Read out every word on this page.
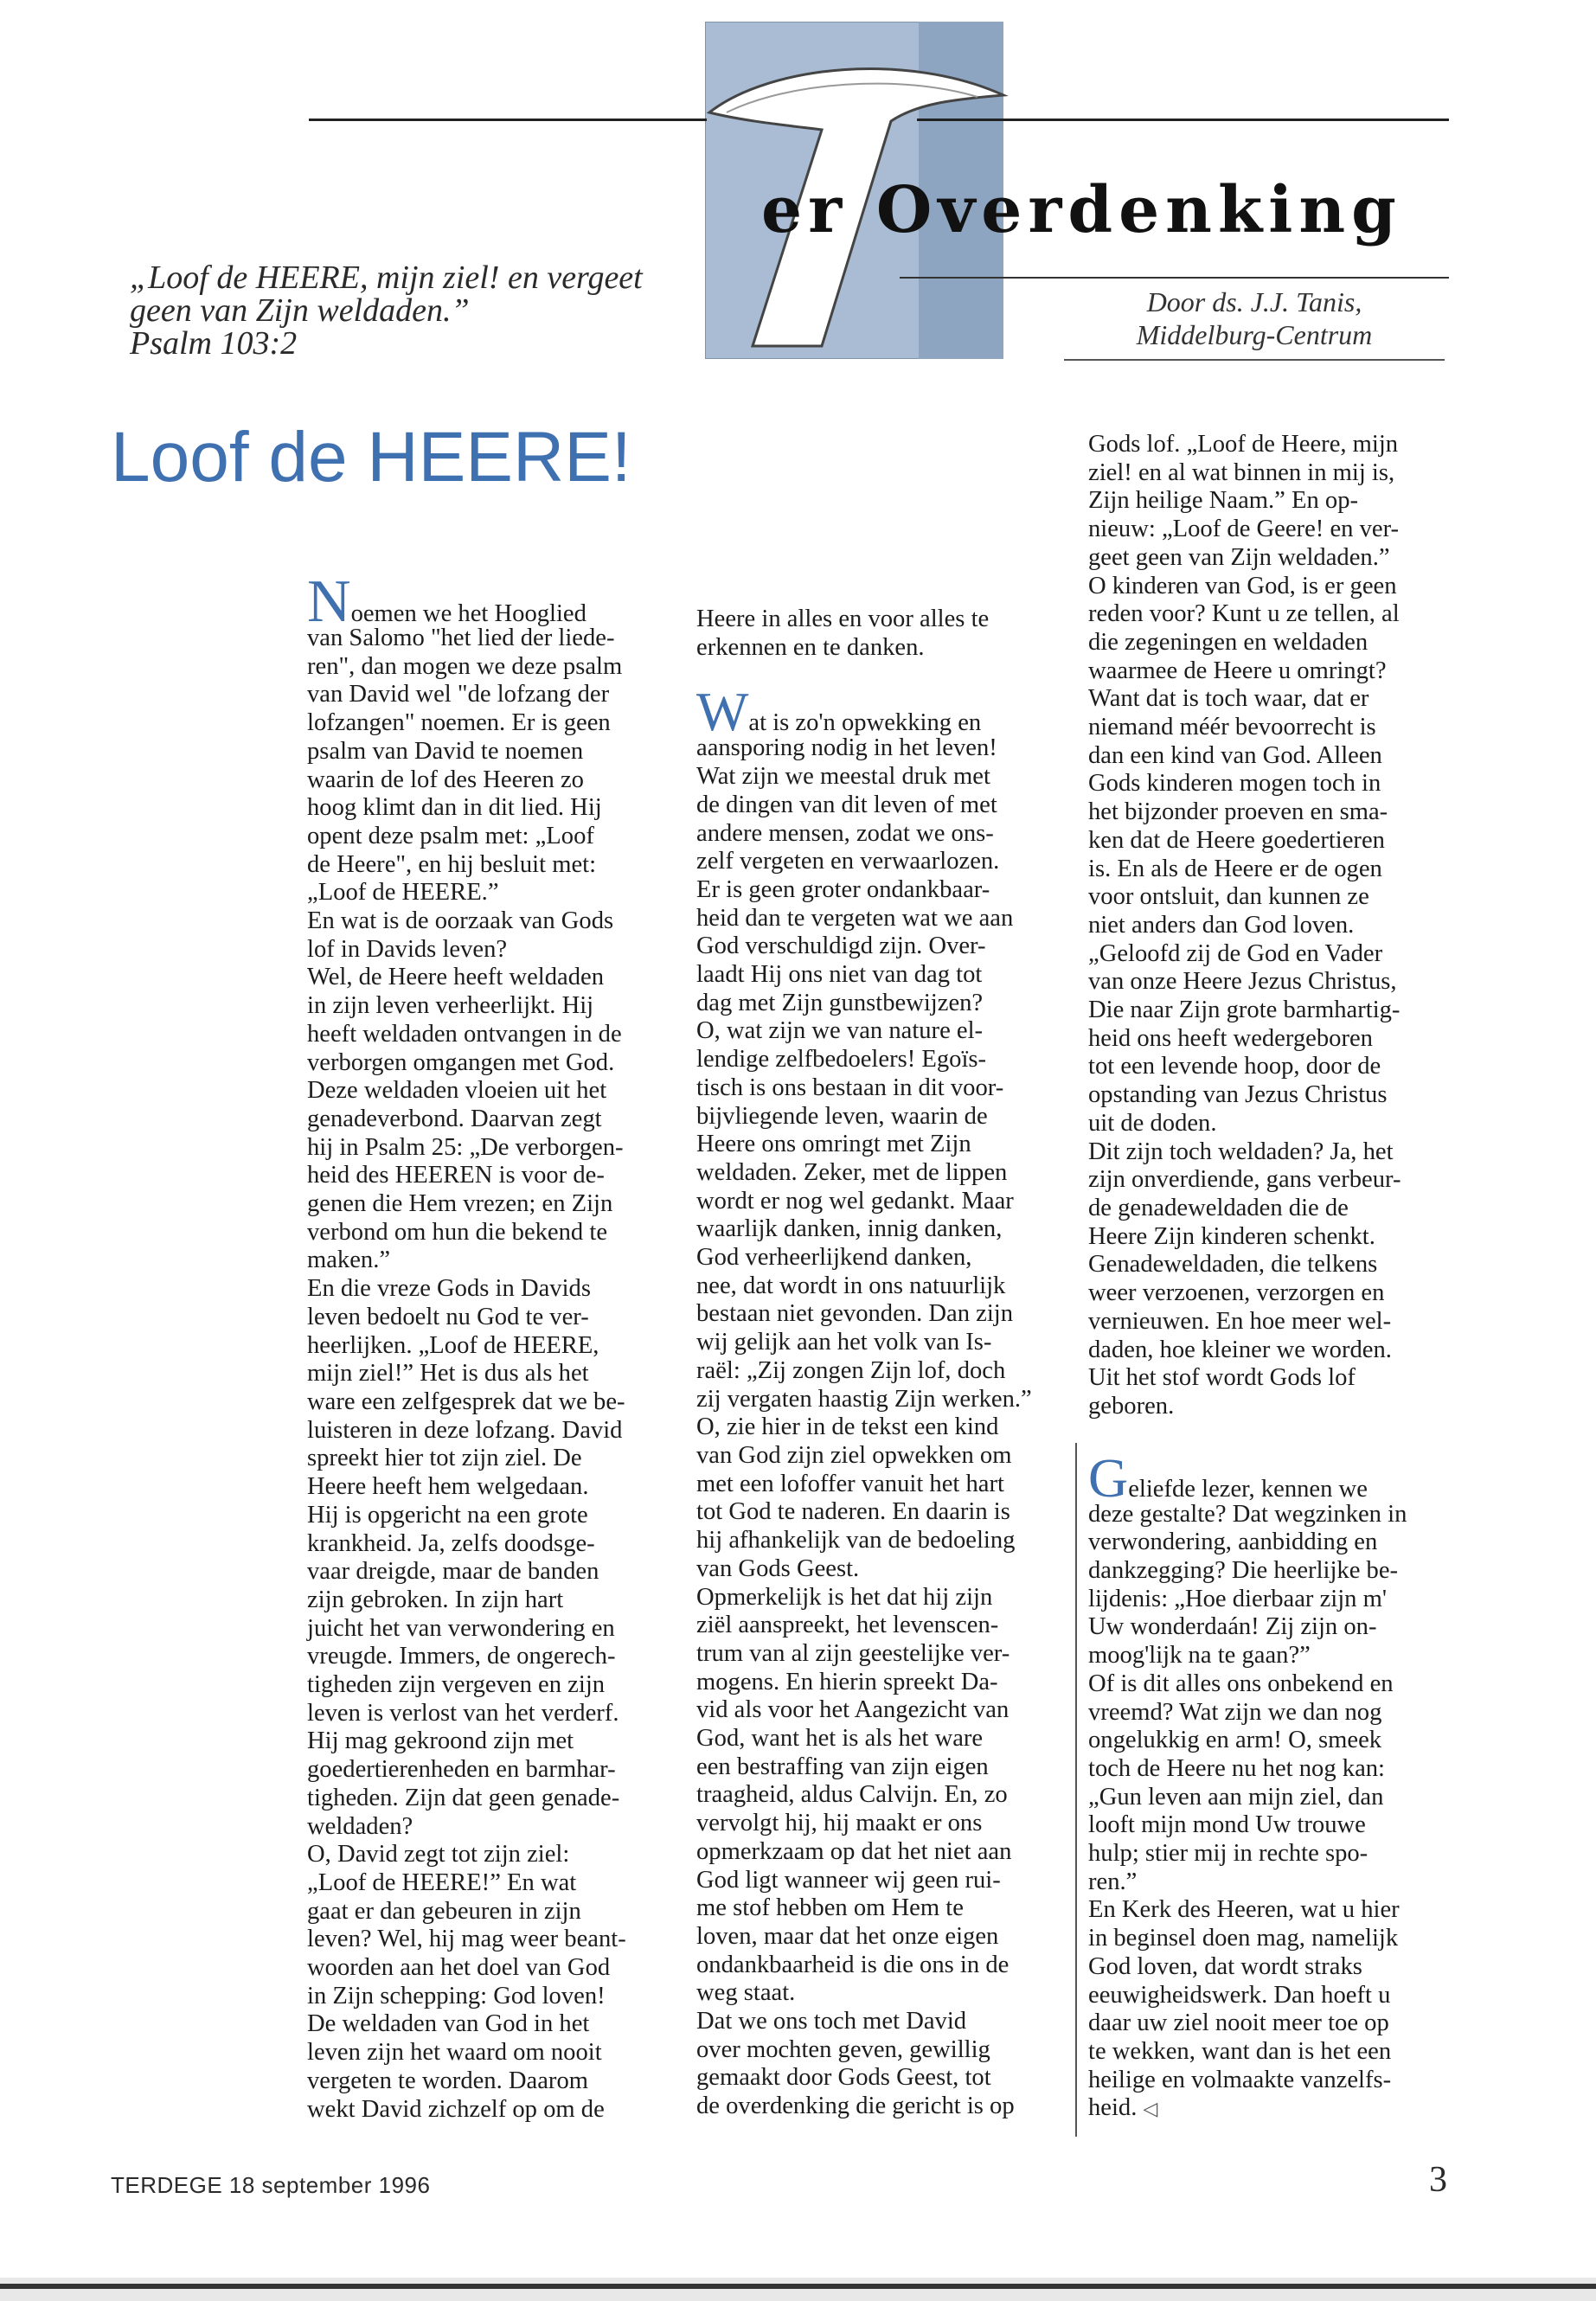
er Overdenking
Door ds. J.J. Tanis,
Middelburg-Centrum
„Loof de HEERE, mijn ziel! en vergeet
geen van Zijn weldaden.”
Psalm 103:2
Loof de HEERE!

Noemen we het Hooglied

van Salomo "het lied der liede-

ren", dan mogen we deze psalm

van David wel "de lofzang der

lofzangen" noemen. Er is geen

psalm van David te noemen

waarin de lof des Heeren zo

hoog klimt dan in dit lied. Hij

opent deze psalm met: „Loof

de Heere", en hij besluit met:

„Loof de HEERE.”

En wat is de oorzaak van Gods

lof in Davids leven?

Wel, de Heere heeft weldaden

in zijn leven verheerlijkt. Hij

heeft weldaden ontvangen in de

verborgen omgangen met God.

Deze weldaden vloeien uit het

genadeverbond. Daarvan zegt

hij in Psalm 25: „De verborgen-

heid des HEEREN is voor de-

genen die Hem vrezen; en Zijn

verbond om hun die bekend te

maken.”

En die vreze Gods in Davids

leven bedoelt nu God te ver-

heerlijken. „Loof de HEERE,

mijn ziel!” Het is dus als het

ware een zelfgesprek dat we be-

luisteren in deze lofzang. David

spreekt hier tot zijn ziel. De

Heere heeft hem welgedaan.

Hij is opgericht na een grote

krankheid. Ja, zelfs doodsge-

vaar dreigde, maar de banden

zijn gebroken. In zijn hart

juicht het van verwondering en

vreugde. Immers, de ongerech-

tigheden zijn vergeven en zijn

leven is verlost van het verderf.

Hij mag gekroond zijn met

goedertierenheden en barmhar-

tigheden. Zijn dat geen genade-

weldaden?

O, David zegt tot zijn ziel:

„Loof de HEERE!” En wat

gaat er dan gebeuren in zijn

leven? Wel, hij mag weer beant-

woorden aan het doel van God

in Zijn schepping: God loven!

De weldaden van God in het

leven zijn het waard om nooit

vergeten te worden. Daarom

wekt David zichzelf op om de

Heere in alles en voor alles te

erkennen en te danken.

Wat is zo'n opwekking en

aansporing nodig in het leven!

Wat zijn we meestal druk met

de dingen van dit leven of met

andere mensen, zodat we ons-

zelf vergeten en verwaarlozen.

Er is geen groter ondankbaar-

heid dan te vergeten wat we aan

God verschuldigd zijn. Over-

laadt Hij ons niet van dag tot

dag met Zijn gunstbewijzen?

O, wat zijn we van nature el-

lendige zelfbedoelers! Egoïs-

tisch is ons bestaan in dit voor-

bijvliegende leven, waarin de

Heere ons omringt met Zijn

weldaden. Zeker, met de lippen

wordt er nog wel gedankt. Maar

waarlijk danken, innig danken,

God verheerlijkend danken,

nee, dat wordt in ons natuurlijk

bestaan niet gevonden. Dan zijn

wij gelijk aan het volk van Is-

raël: „Zij zongen Zijn lof, doch

zij vergaten haastig Zijn werken.”

O, zie hier in de tekst een kind

van God zijn ziel opwekken om

met een lofoffer vanuit het hart

tot God te naderen. En daarin is

hij afhankelijk van de bedoeling

van Gods Geest.

Opmerkelijk is het dat hij zijn

ziël aanspreekt, het levenscen-

trum van al zijn geestelijke ver-

mogens. En hierin spreekt Da-

vid als voor het Aangezicht van

God, want het is als het ware

een bestraffing van zijn eigen

traagheid, aldus Calvijn. En, zo

vervolgt hij, hij maakt er ons

opmerkzaam op dat het niet aan

God ligt wanneer wij geen rui-

me stof hebben om Hem te

loven, maar dat het onze eigen

ondankbaarheid is die ons in de

weg staat.

Dat we ons toch met David

over mochten geven, gewillig

gemaakt door Gods Geest, tot

de overdenking die gericht is op

Gods lof. „Loof de Heere, mijn

ziel! en al wat binnen in mij is,

Zijn heilige Naam.” En op-

nieuw: „Loof de Geere! en ver-

geet geen van Zijn weldaden.”

O kinderen van God, is er geen

reden voor? Kunt u ze tellen, al

die zegeningen en weldaden

waarmee de Heere u omringt?

Want dat is toch waar, dat er

niemand méér bevoorrecht is

dan een kind van God. Alleen

Gods kinderen mogen toch in

het bijzonder proeven en sma-

ken dat de Heere goedertieren

is. En als de Heere er de ogen

voor ontsluit, dan kunnen ze

niet anders dan God loven.

„Geloofd zij de God en Vader

van onze Heere Jezus Christus,

Die naar Zijn grote barmhartig-

heid ons heeft wedergeboren

tot een levende hoop, door de

opstanding van Jezus Christus

uit de doden.

Dit zijn toch weldaden? Ja, het

zijn onverdiende, gans verbeur-

de genadeweldaden die de

Heere Zijn kinderen schenkt.

Genadeweldaden, die telkens

weer verzoenen, verzorgen en

vernieuwen. En hoe meer wel-

daden, hoe kleiner we worden.

Uit het stof wordt Gods lof

geboren.

Geliefde lezer, kennen we

deze gestalte? Dat wegzinken in

verwondering, aanbidding en

dankzegging? Die heerlijke be-

lijdenis: „Hoe dierbaar zijn m'

Uw wonderdaán! Zij zijn on-

moog'lijk na te gaan?”

Of is dit alles ons onbekend en

vreemd? Wat zijn we dan nog

ongelukkig en arm! O, smeek

toch de Heere nu het nog kan:

„Gun leven aan mijn ziel, dan

looft mijn mond Uw trouwe

hulp; stier mij in rechte spo-

ren.”

En Kerk des Heeren, wat u hier

in beginsel doen mag, namelijk

God loven, dat wordt straks

eeuwigheidswerk. Dan hoeft u

daar uw ziel nooit meer toe op

te wekken, want dan is het een

heilige en volmaakte vanzelfs-

heid. ◁

TERDEGE 18 september 1996	3
